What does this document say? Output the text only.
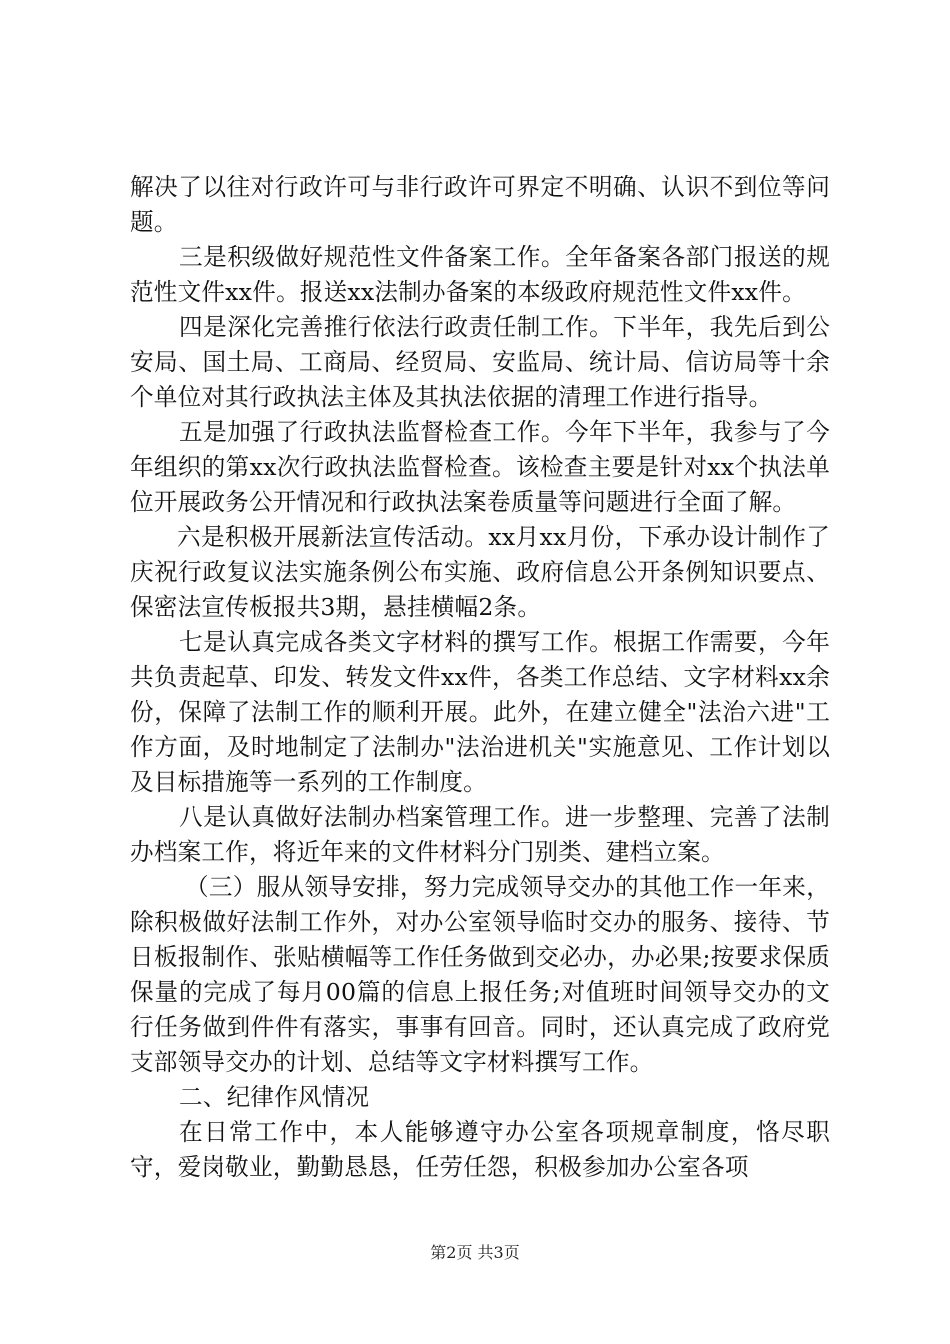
解决了以往对行政许可与非行政许可界定不明确、认识不到位等问题。

三是积级做好规范性文件备案工作。全年备案各部门报送的规范性文件xx件。报送xx法制办备案的本级政府规范性文件xx件。

四是深化完善推行依法行政责任制工作。下半年，我先后到公安局、国土局、工商局、经贸局、安监局、统计局、信访局等十余个单位对其行政执法主体及其执法依据的清理工作进行指导。

五是加强了行政执法监督检查工作。今年下半年，我参与了今年组织的第xx次行政执法监督检查。该检查主要是针对xx个执法单位开展政务公开情况和行政执法案卷质量等问题进行全面了解。

六是积极开展新法宣传活动。xx月xx月份，下承办设计制作了庆祝行政复议法实施条例公布实施、政府信息公开条例知识要点、保密法宣传板报共3期，悬挂横幅2条。

七是认真完成各类文字材料的撰写工作。根据工作需要，今年共负责起草、印发、转发文件xx件，各类工作总结、文字材料xx余份，保障了法制工作的顺利开展。此外，在建立健全"法治六进"工作方面，及时地制定了法制办"法治进机关"实施意见、工作计划以及目标措施等一系列的工作制度。

八是认真做好法制办档案管理工作。进一步整理、完善了法制办档案工作，将近年来的文件材料分门别类、建档立案。

（三）服从领导安排，努力完成领导交办的其他工作一年来，除积极做好法制工作外，对办公室领导临时交办的服务、接待、节日板报制作、张贴横幅等工作任务做到交必办，办必果;按要求保质保量的完成了每月00篇的信息上报任务;对值班时间领导交办的文行任务做到件件有落实，事事有回音。同时，还认真完成了政府党支部领导交办的计划、总结等文字材料撰写工作。

二、纪律作风情况

在日常工作中，本人能够遵守办公室各项规章制度，恪尽职守，爱岗敬业，勤勤恳恳，任劳任怨，积极参加办公室各项

第2页 共3页
